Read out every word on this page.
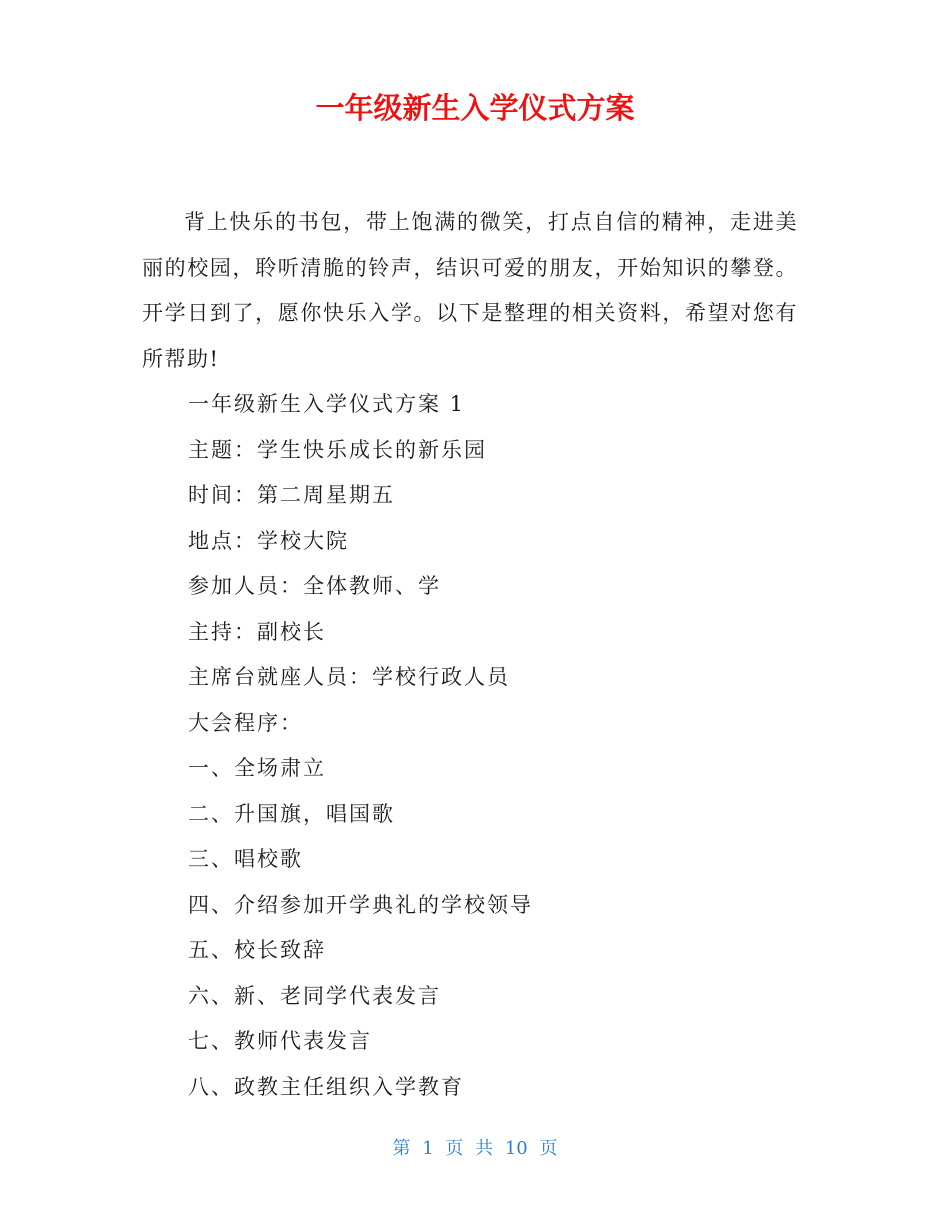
一年级新生入学仪式方案

背上快乐的书包，带上饱满的微笑，打点自信的精神，走进美丽的校园，聆听清脆的铃声，结识可爱的朋友，开始知识的攀登。开学日到了，愿你快乐入学。以下是整理的相关资料，希望对您有所帮助!

一年级新生入学仪式方案 1

主题：学生快乐成长的新乐园

时间：第二周星期五

地点：学校大院

参加人员：全体教师、学

主持：副校长

主席台就座人员：学校行政人员

大会程序：

一、全场肃立

二、升国旗，唱国歌

三、唱校歌

四、介绍参加开学典礼的学校领导

五、校长致辞

六、新、老同学代表发言

七、教师代表发言

八、政教主任组织入学教育

第 1 页 共 10 页
